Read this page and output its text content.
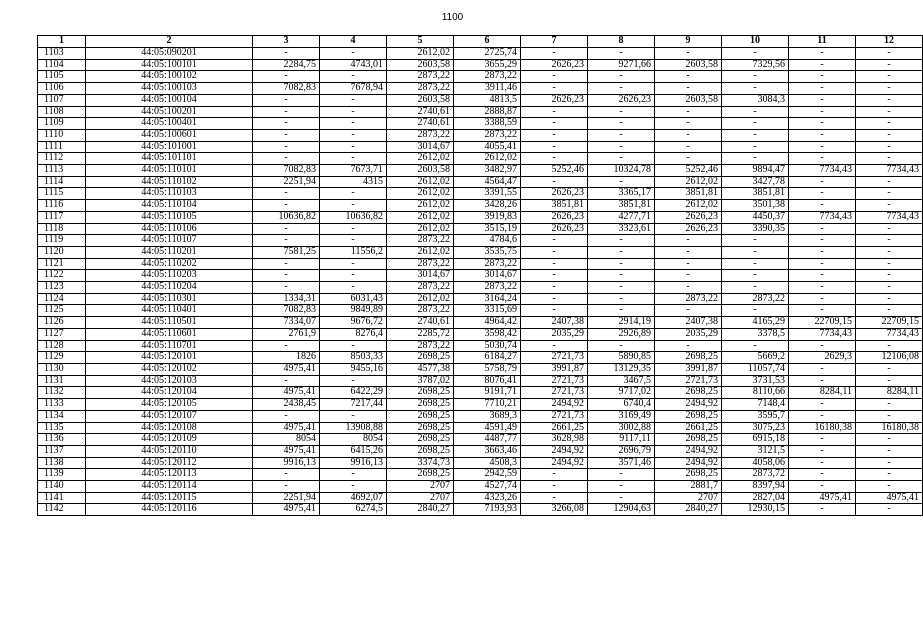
1100
1	2	3	4	5	6	7	8	9	10	11	12
1103	44:05:090201	-	-	2612,02	2725,74	-	-	-	-	-	-
1104	44:05:100101	2284,75	4743,01	2603,58	3655,29	2626,23	9271,66	2603,58	7329,56	-	-
1105	44:05:100102	-	-	2873,22	2873,22	-	-	-	-	-	-
1106	44:05:100103	7082,83	7678,94	2873,22	3911,46	-	-	-	-	-	-
1107	44:05:100104	-	-	2603,58	4813,5	2626,23	2626,23	2603,58	3084,3	-	-
1108	44:05:100201	-	-	2740,61	2888,87	-	-	-	-	-	-
1109	44:05:100401	-	-	2740,61	3388,59	-	-	-	-	-	-
1110	44:05:100601	-	-	2873,22	2873,22	-	-	-	-	-	-
1111	44:05:101001	-	-	3014,67	4055,41	-	-	-	-	-	-
1112	44:05:101101	-	-	2612,02	2612,02	-	-	-	-	-	-
1113	44:05:110101	7082,83	7673,71	2603,58	3482,97	5252,46	10324,78	5252,46	9894,47	7734,43	7734,43
1114	44:05:110102	2251,94	4315	2612,02	4564,47	-	-	2612,02	3427,78	-	-
1115	44:05:110103	-	-	2612,02	3391,55	2626,23	3365,17	3851,81	3851,81	-	-
1116	44:05:110104	-	-	2612,02	3428,26	3851,81	3851,81	2612,02	3501,38	-	-
1117	44:05:110105	10636,82	10636,82	2612,02	3919,83	2626,23	4277,71	2626,23	4450,37	7734,43	7734,43
1118	44:05:110106	-	-	2612,02	3515,19	2626,23	3323,61	2626,23	3390,35	-	-
1119	44:05:110107	-	-	2873,22	4784,6	-	-	-	-	-	-
1120	44:05:110201	7581,25	11556,2	2612,02	3535,75	-	-	-	-	-	-
1121	44:05:110202	-	-	2873,22	2873,22	-	-	-	-	-	-
1122	44:05:110203	-	-	3014,67	3014,67	-	-	-	-	-	-
1123	44:05:110204	-	-	2873,22	2873,22	-	-	-	-	-	-
1124	44:05:110301	1334,31	6031,43	2612,02	3164,24	-	-	2873,22	2873,22	-	-
1125	44:05:110401	7082,83	9849,89	2873,22	3315,69	-	-	-	-	-	-
1126	44:05:110501	7334,07	9676,72	2740,61	4964,42	2407,38	2914,19	2407,38	4165,29	22709,15	22709,15
1127	44:05:110601	2761,9	8276,4	2285,72	3598,42	2035,29	2926,89	2035,29	3378,5	7734,43	7734,43
1128	44:05:110701	-	-	2873,22	5030,74	-	-	-	-	-	-
1129	44:05:120101	1826	8503,33	2698,25	6184,27	2721,73	5890,85	2698,25	5669,2	2629,3	12106,08
1130	44:05:120102	4975,41	9455,16	4577,38	5758,79	3991,87	13129,35	3991,87	11057,74	-	-
1131	44:05:120103	-	-	3787,02	8076,41	2721,73	3467,5	2721,73	3731,53	-	-
1132	44:05:120104	4975,41	6422,29	2698,25	9191,71	2721,73	9717,02	2698,25	8110,66	8284,11	8284,11
1133	44:05:120105	2438,45	7217,44	2698,25	7710,21	2494,92	6740,4	2494,92	7148,4	-	-
1134	44:05:120107	-	-	2698,25	3689,3	2721,73	3169,49	2698,25	3595,7	-	-
1135	44:05:120108	4975,41	13908,88	2698,25	4591,49	2661,25	3002,88	2661,25	3075,23	16180,38	16180,38
1136	44:05:120109	8054	8054	2698,25	4487,77	3628,98	9117,11	2698,25	6915,18	-	-
1137	44:05:120110	4975,41	6415,26	2698,25	3663,46	2494,92	2696,79	2494,92	3121,5	-	-
1138	44:05:120112	9916,13	9916,13	3374,73	4508,3	2494,92	3571,46	2494,92	4058,06	-	-
1139	44:05:120113	-	-	2698,25	2942,59	-	-	2698,25	2873,72	-	-
1140	44:05:120114	-	-	2707	4527,74	-	-	2881,7	8397,94	-	-
1141	44:05:120115	2251,94	4692,07	2707	4323,26	-	-	2707	2827,04	4975,41	4975,41
1142	44:05:120116	4975,41	6274,5	2840,27	7193,93	3266,08	12904,63	2840,27	12930,15	-	-
